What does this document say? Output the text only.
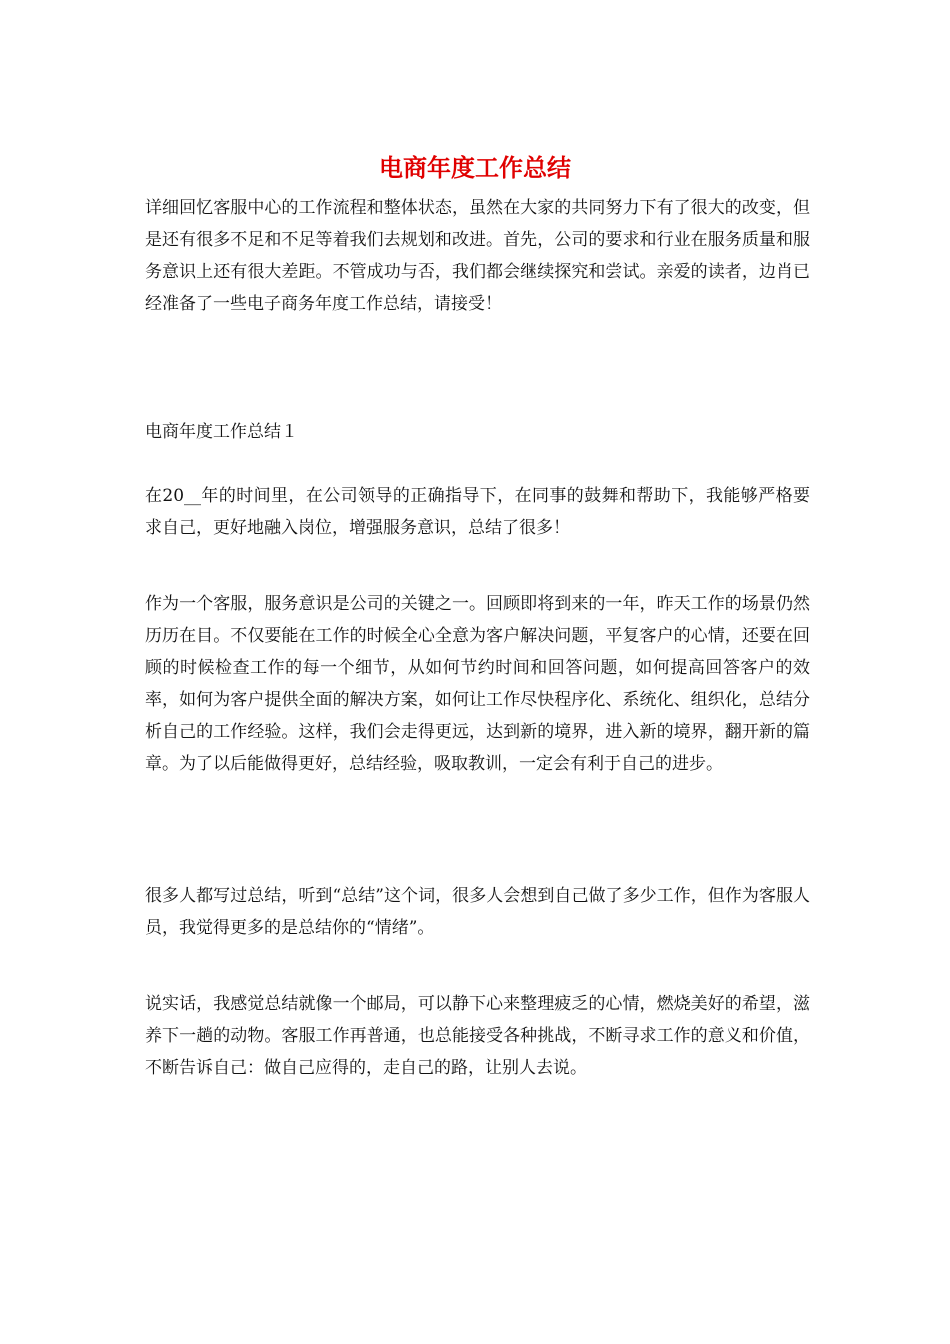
电商年度工作总结

详细回忆客服中心的工作流程和整体状态，虽然在大家的共同努力下有了很大的改变，但是还有很多不足和不足等着我们去规划和改进。首先，公司的要求和行业在服务质量和服务意识上还有很大差距。不管成功与否，我们都会继续探究和尝试。亲爱的读者，边肖已经准备了一些电子商务年度工作总结，请接受！

电商年度工作总结１

在20__年的时间里，在公司领导的正确指导下，在同事的鼓舞和帮助下，我能够严格要求自己，更好地融入岗位，增强服务意识，总结了很多！

作为一个客服，服务意识是公司的关键之一。回顾即将到来的一年，昨天工作的场景仍然历历在目。不仅要能在工作的时候全心全意为客户解决问题，平复客户的心情，还要在回顾的时候检查工作的每一个细节，从如何节约时间和回答问题，如何提高回答客户的效率，如何为客户提供全面的解决方案，如何让工作尽快程序化、系统化、组织化，总结分析自己的工作经验。这样，我们会走得更远，达到新的境界，进入新的境界，翻开新的篇章。为了以后能做得更好，总结经验，吸取教训，一定会有利于自己的进步。

很多人都写过总结，听到“总结”这个词，很多人会想到自己做了多少工作，但作为客服人员，我觉得更多的是总结你的“情绪”。

说实话，我感觉总结就像一个邮局，可以静下心来整理疲乏的心情，燃烧美好的希望，滋养下一趟的动物。客服工作再普通，也总能接受各种挑战，不断寻求工作的意义和价值，不断告诉自己：做自己应得的，走自己的路，让别人去说。
